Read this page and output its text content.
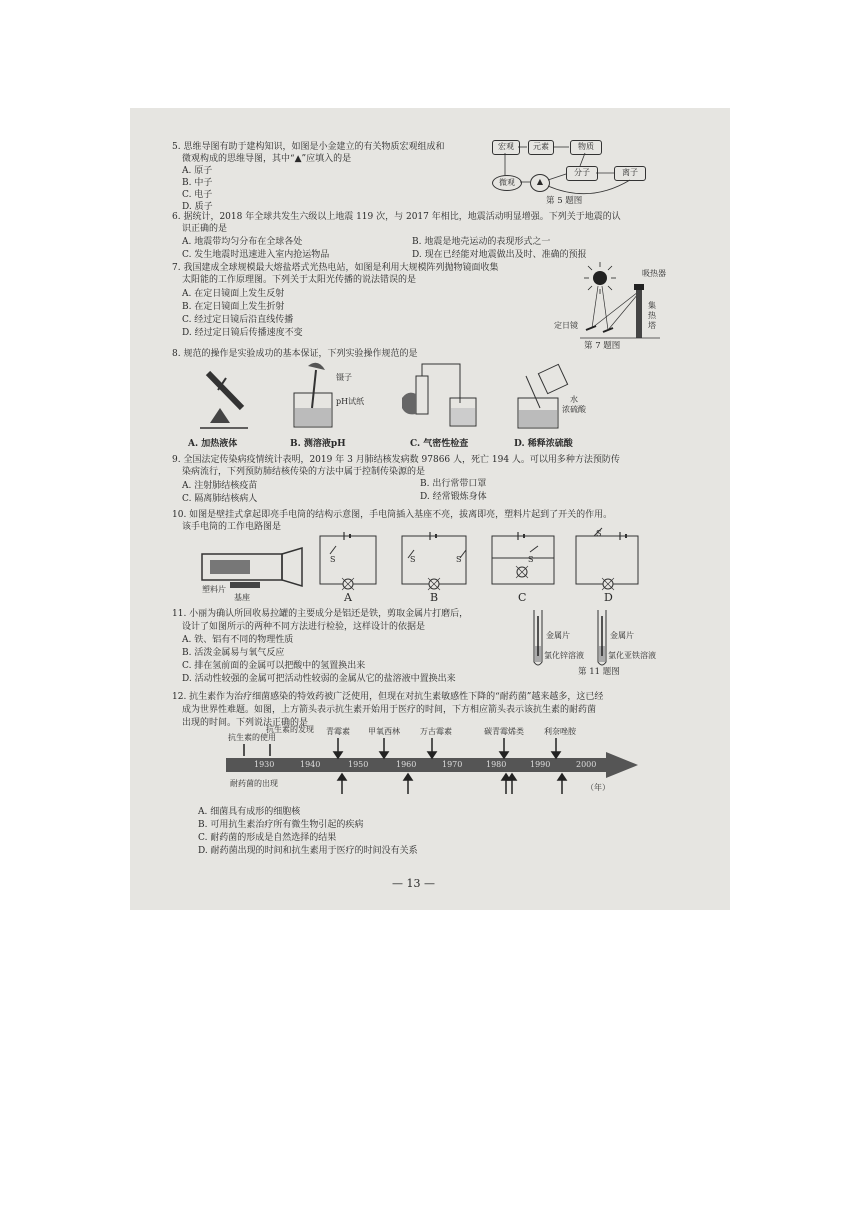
5. 思维导图有助于建构知识，如图是小金建立的有关物质宏观组成和
微观构成的思维导图，其中“▲”应填入的是
A. 原子
B. 中子
C. 电子
D. 质子
宏观	元素	物质
微观	▲
分子	离子
第 5 题图
6. 据统计，2018 年全球共发生六级以上地震 119 次，与 2017 年相比，地震活动明显增强。下列关于地震的认
识正确的是
A. 地震带均匀分布在全球各处	B. 地震是地壳运动的表现形式之一
C. 发生地震时迅速进入室内抢运物品	D. 现在已经能对地震做出及时、准确的预报
7. 我国建成全球规模最大熔盐塔式光热电站，如图是利用大规模阵列抛物镜面收集
太阳能的工作原理图。下列关于太阳光传播的说法错误的是
A. 在定日镜面上发生反射
B. 在定日镜面上发生折射
C. 经过定日镜后沿直线传播
D. 经过定日镜后传播速度不变
吸热器
定日镜
集
热
塔
第 7 题图
8. 规范的操作是实验成功的基本保证，下列实验操作规范的是
镊子
pH试纸	水
浓硫酸
A. 加热液体	B. 测溶液pH	C. 气密性检查	D. 稀释浓硫酸
9. 全国法定传染病疫情统计表明，2019 年 3 月肺结核发病数 97866 人，死亡 194 人。可以用多种方法预防传
染病流行，下列预防肺结核传染的方法中属于控制传染源的是
A. 注射肺结核疫苗	B. 出行常带口罩
C. 隔离肺结核病人	D. 经常锻炼身体
10. 如图是壁挂式拿起即亮手电筒的结构示意图，手电筒插入基座不亮，拔离即亮，塑料片起到了开关的作用。
该手电筒的工作电路图是
塑料片
基座
S	S	S	S
S
A	B	C	D
11. 小丽为确认所回收易拉罐的主要成分是铝还是铁，剪取金属片打磨后，
设计了如图所示的两种不同方法进行检验，这样设计的依据是
A. 铁、铝有不同的物理性质
B. 活泼金属易与氧气反应
C. 排在氢前面的金属可以把酸中的氢置换出来
D. 活动性较强的金属可把活动性较弱的金属从它的盐溶液中置换出来
金属片
氯化锌溶液
金属片
氯化亚铁溶液
第 11 题图
12. 抗生素作为治疗细菌感染的特效药被广泛使用，但现在对抗生素敏感性下降的“耐药菌”越来越多，这已经
成为世界性难题。如图，上方箭头表示抗生素开始用于医疗的时间，下方相应箭头表示该抗生素的耐药菌
出现的时间。下列说法正确的是
抗生素的使用
抗生素的发现 青霉素 甲氧西林	万古霉素	碳青霉烯类	利奈唑胺
1930	1940	1950	1960	1970	1980	1990	2000
耐药菌的出现	（年）
A. 细菌具有成形的细胞核
B. 可用抗生素治疗所有微生物引起的疾病
C. 耐药菌的形成是自然选择的结果
D. 耐药菌出现的时间和抗生素用于医疗的时间没有关系
— 13 —
